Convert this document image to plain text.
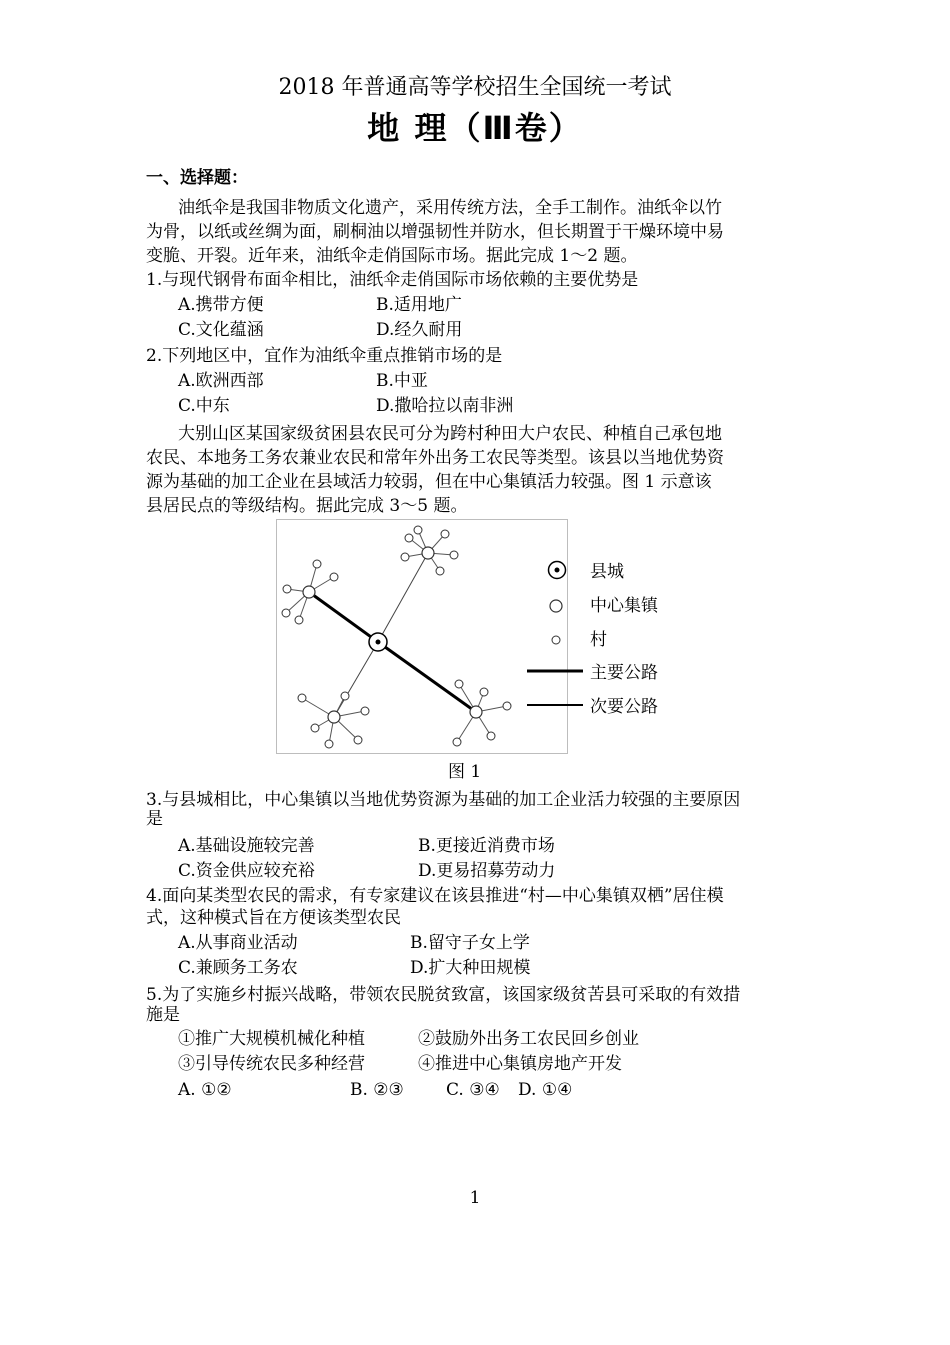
2018 年普通高等学校招生全国统一考试
地 理（Ⅲ卷）
一、选择题：
油纸伞是我国非物质文化遗产，采用传统方法，全手工制作。油纸伞以竹
为骨，以纸或丝绸为面，刷桐油以增强韧性并防水，但长期置于干燥环境中易
变脆、开裂。近年来，油纸伞走俏国际市场。据此完成 1～2 题。
1.与现代钢骨布面伞相比，油纸伞走俏国际市场依赖的主要优势是
A.携带方便	B.适用地广
C.文化蕴涵	D.经久耐用
2.下列地区中，宜作为油纸伞重点推销市场的是
A.欧洲西部	B.中亚
C.中东	D.撒哈拉以南非洲
大别山区某国家级贫困县农民可分为跨村种田大户农民、种植自己承包地
农民、本地务工务农兼业农民和常年外出务工农民等类型。该县以当地优势资
源为基础的加工企业在县域活力较弱，但在中心集镇活力较强。图 1 示意该
县居民点的等级结构。据此完成 3～5 题。
县城
中心集镇
村
主要公路
次要公路
图 1
3.与县城相比，中心集镇以当地优势资源为基础的加工企业活力较强的主要原因
是
A.基础设施较完善	B.更接近消费市场
C.资金供应较充裕	D.更易招募劳动力
4.面向某类型农民的需求，有专家建议在该县推进“村—中心集镇双栖”居住模
式，这种模式旨在方便该类型农民
A.从事商业活动	B.留守子女上学
C.兼顾务工务农	D.扩大种田规模
5.为了实施乡村振兴战略，带领农民脱贫致富，该国家级贫苦县可采取的有效措
施是
①推广大规模机械化种植	②鼓励外出务工农民回乡创业
③引导传统农民多种经营	④推进中心集镇房地产开发
A. ①②	B. ②③ C. ③④ D. ①④
1
